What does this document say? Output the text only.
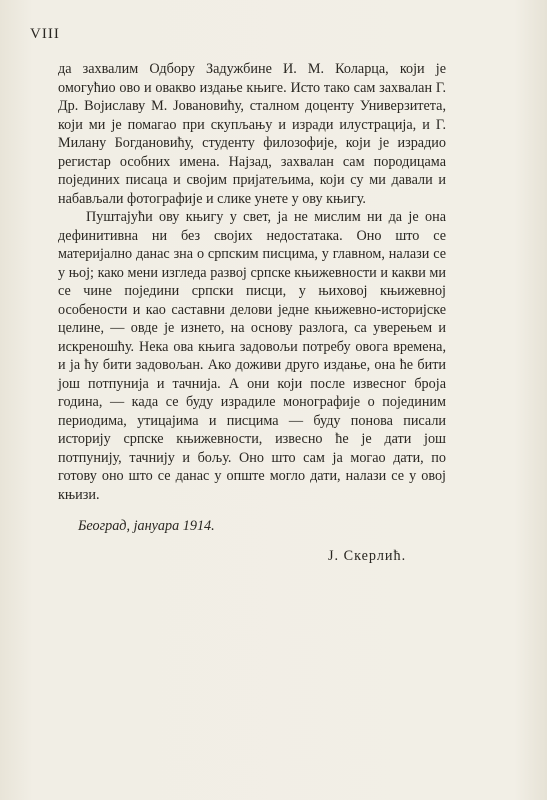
VIII

да захвалим Одбору Задужбине И. М. Коларца, који је омогућио ово и овакво издање књиге. Исто тако сам захвалан Г. Др. Војиславу М. Јовановићу, сталном доценту Универзитета, који ми је помагао при скупљању и изради илустрација, и Г. Милану Богдановићу, студенту филозофије, који је израдио регистар особних имена. Најзад, захвалан сам породицама појединих писаца и својим пријатељима, који су ми давали и набављали фотографије и слике унете у ову књигу.

Пуштајући ову књигу у свет, ја не мислим ни да је она дефинитивна ни без својих недостатака. Оно што се материјално данас зна о српским писцима, у главном, налази се у њој; како мени изгледа развој српске књижевности и какви ми се чине поједини српски писци, у њиховој књижевној особености и као саставни делови једне књижевно-историјске целине, — овде је изнето, на основу разлога, са уверењем и искреношћу. Нека ова књига задовољи потребу овога времена, и ја ћу бити задовољан. Ако доживи друго издање, она ће бити још потпунија и тачнија. А они који после извесног броја година, — када се буду израдиле монографије о појединим периодима, утицајима и писцима — буду понова писали историју српске књижевности, извесно ће је дати још потпунију, тачнију и бољу. Оно што сам ја могао дати, по готову оно што се данас у опште могло дати, налази се у овој књизи.

Београд, јануара 1914.
Ј. Скерлић.
